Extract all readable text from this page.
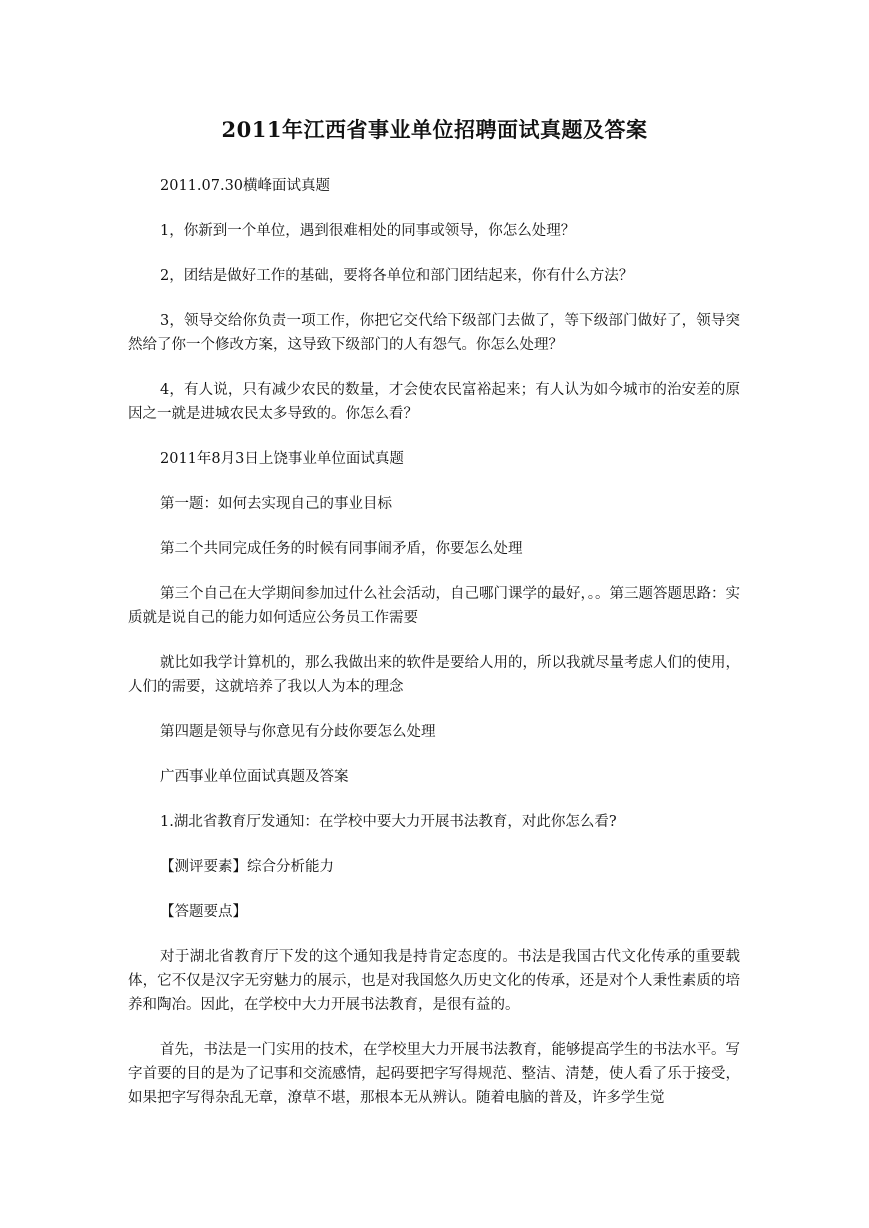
2011年江西省事业单位招聘面试真题及答案

2011.07.30横峰面试真题

1，你新到一个单位，遇到很难相处的同事或领导，你怎么处理？

2，团结是做好工作的基础，要将各单位和部门团结起来，你有什么方法？

3，领导交给你负责一项工作，你把它交代给下级部门去做了，等下级部门做好了，领导突然给了你一个修改方案，这导致下级部门的人有怨气。你怎么处理？

4，有人说，只有减少农民的数量，才会使农民富裕起来；有人认为如今城市的治安差的原因之一就是进城农民太多导致的。你怎么看？

2011年8月3日上饶事业单位面试真题

第一题：如何去实现自己的事业目标

第二个共同完成任务的时候有同事闹矛盾，你要怎么处理

第三个自己在大学期间参加过什么社会活动，自己哪门课学的最好，。。第三题答题思路：实质就是说自己的能力如何适应公务员工作需要

就比如我学计算机的，那么我做出来的软件是要给人用的，所以我就尽量考虑人们的使用，人们的需要，这就培养了我以人为本的理念

第四题是领导与你意见有分歧你要怎么处理

广西事业单位面试真题及答案

1.湖北省教育厅发通知：在学校中要大力开展书法教育，对此你怎么看?

【测评要素】综合分析能力

【答题要点】

对于湖北省教育厅下发的这个通知我是持肯定态度的。书法是我国古代文化传承的重要载体，它不仅是汉字无穷魅力的展示，也是对我国悠久历史文化的传承，还是对个人秉性素质的培养和陶冶。因此，在学校中大力开展书法教育，是很有益的。

首先，书法是一门实用的技术，在学校里大力开展书法教育，能够提高学生的书法水平。写字首要的目的是为了记事和交流感情，起码要把字写得规范、整洁、清楚，使人看了乐于接受，如果把字写得杂乱无章，潦草不堪，那根本无从辨认。随着电脑的普及，许多学生觉
